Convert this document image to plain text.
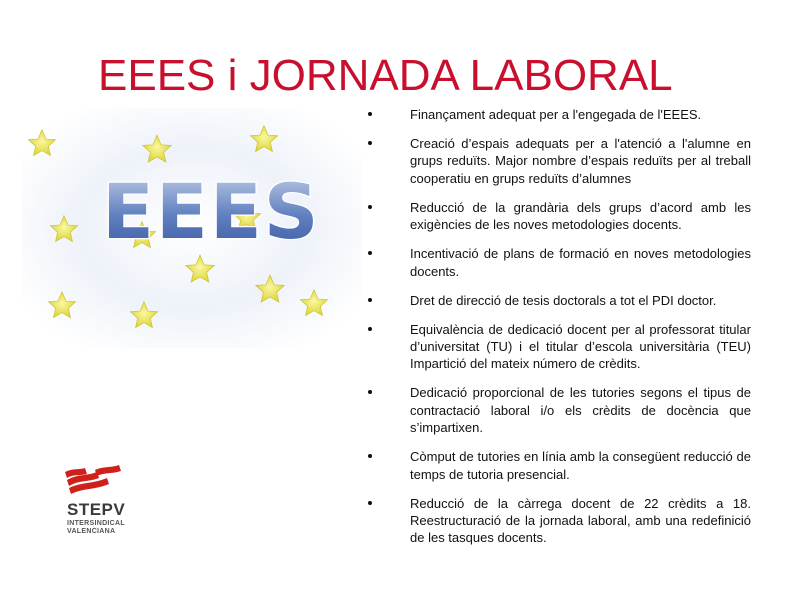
EEES i JORNADA LABORAL
EEES
STEPV
INTERSINDICAL
VALENCIANA
Finançament adequat per a l'engegada de l'EEES.
Creació d’espais adequats per a l'atenció a l'alumne en grups reduïts. Major nombre d’espais reduïts per al treball cooperatiu en grups reduïts d’alumnes
Reducció de la grandària dels grups d’acord amb les exigències de les noves metodologies docents.
Incentivació de plans de formació en noves metodologies docents.
Dret de direcció de tesis doctorals a tot el PDI doctor.
Equivalència de dedicació docent per al professorat titular d’universitat (TU) i el titular d’escola universitària (TEU) Impartició del mateix número de crèdits.
Dedicació proporcional de les tutories segons el tipus de contractació laboral i/o els crèdits de docència que s’impartixen.
Còmput de tutories en línia amb la consegüent reducció de temps de tutoria presencial.
Reducció de la càrrega docent de 22 crèdits a 18. Reestructuració de la jornada laboral, amb una redefinició de les tasques docents.
